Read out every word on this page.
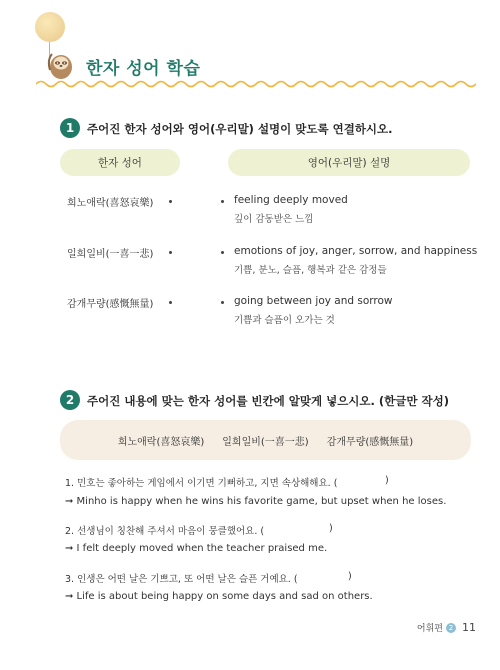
한자 성어 학습
1	주어진 한자 성어와 영어(우리말) 설명이 맞도록 연결하시오.
한자 성어	영어(우리말) 설명
희노애락(喜怒哀樂)	feeling deeply moved
깊이 감동받은 느낌
일희일비(一喜一悲)	emotions of joy, anger, sorrow, and happiness
기쁨, 분노, 슬픔, 행복과 같은 감정들
감개무량(感慨無量)	going between joy and sorrow
기쁨과 슬픔이 오가는 것
2	주어진 내용에 맞는 한자 성어를 빈칸에 알맞게 넣으시오. (한글만 작성)
희노애락(喜怒哀樂) 일희일비(一喜一悲) 감개무량(感慨無量)
1. 민호는 좋아하는 게임에서 이기면 기뻐하고, 지면 속상해해요. (	)
➞ Minho is happy when he wins his favorite game, but upset when he loses.
2. 선생님이 칭찬해 주셔서 마음이 뭉클했어요. (	)
➞ I felt deeply moved when the teacher praised me.
3. 인생은 어떤 날은 기쁘고, 또 어떤 날은 슬픈 거예요. (	)
➞ Life is about being happy on some days and sad on others.
어휘편 2 11
